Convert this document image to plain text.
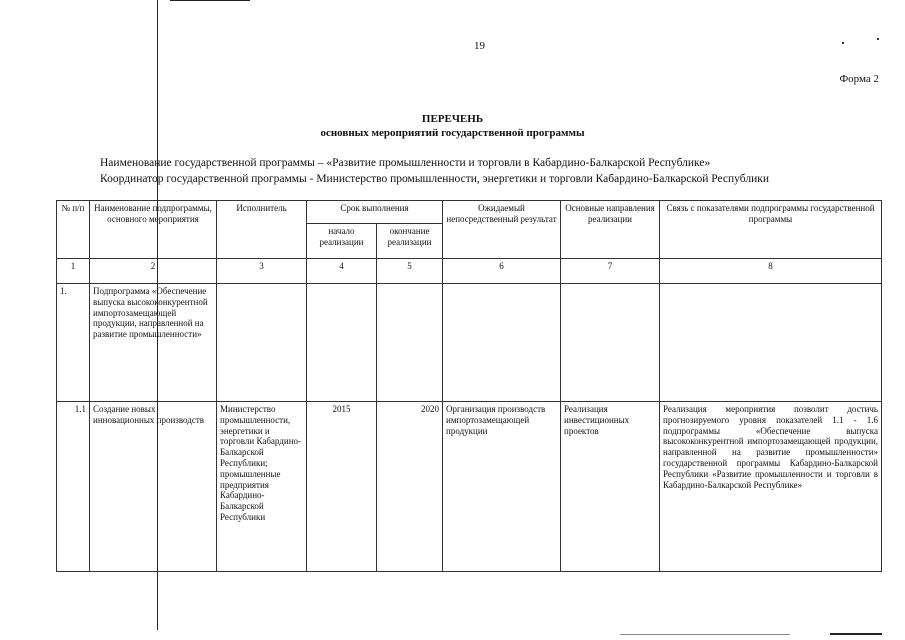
19
Форма 2
ПЕРЕЧЕНЬ
основных мероприятий государственной программы
Наименование государственной программы – «Развитие промышленности и торговли в Кабардино-Балкарской Республике»
Координатор государственной программы - Министерство промышленности, энергетики и торговли Кабардино-Балкарской Республики
№ п/п	Наименование подпрограммы, основного мероприятия	Исполнитель	Срок выполнения		Ожидаемый непосредственный результат	Основные направления реализации	Связь с показателями подпрограммы государственной программы
			начало реализации	окончание реализации			
1	2	3	4	5	6	7	8
1.	Подпрограмма «Обеспечение выпуска высококонкурентной импортозамещающей продукции, направленной на развитие промышленности»						
1.1	Создание новых инновационных производств	Министерство промышленности, энергетики и торговли Кабардино-Балкарской Республики; промышленные предприятия Кабардино-Балкарской Республики	2015	2020	Организация производств импортозамещающей продукции	Реализация инвестиционных проектов	Реализация мероприятия позволит достичь прогнозируемого уровня показателей 1.1 - 1.6 подпрограммы «Обеспечение выпуска высококонкурентной импортозамещающей продукции, направленной на развитие промышленности» государственной программы Кабардино-Балкарской Республики «Развитие промышленности и торговли в Кабардино-Балкарской Республике»
